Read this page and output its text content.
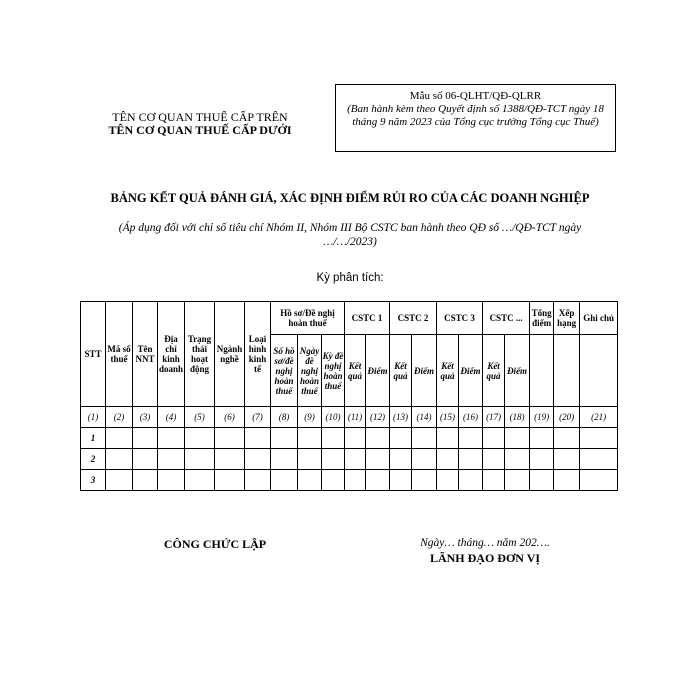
TÊN CƠ QUAN THUẾ CẤP TRÊN
TÊN CƠ QUAN THUẾ CẤP DƯỚI
Mẫu số 06-QLHT/QĐ-QLRR
(Ban hành kèm theo Quyết định số 1388/QĐ-TCT ngày 18 tháng 9 năm 2023 của Tổng cục trưởng Tổng cục Thuế)
BẢNG KẾT QUẢ ĐÁNH GIÁ, XÁC ĐỊNH ĐIỂM RỦI RO CỦA CÁC DOANH NGHIỆP
(Áp dụng đối với chỉ số tiêu chí Nhóm II, Nhóm III Bộ CSTC ban hành theo QĐ số …/QĐ-TCT ngày …/…/2023)
Kỳ phân tích:
STT	Mã số thuế	Tên NNT	Địa chỉ kinh doanh	Trạng thái hoạt động	Ngành nghề	Loại hình kinh tế	Hồ sơ/Đề nghị hoàn thuế			CSTC 1		CSTC 2		CSTC 3		CSTC ...		Tổng điểm	Xếp hạng	Ghi chú
							Số hồ sơ/đề nghị hoàn thuế	Ngày đề nghị hoàn thuế	Kỳ đề nghị hoàn thuế	Kết quả	Điểm	Kết quả	Điểm	Kết quả	Điểm	Kết quả	Điểm			
(1)	(2)	(3)	(4)	(5)	(6)	(7)	(8)	(9)	(10)	(11)	(12)	(13)	(14)	(15)	(16)	(17)	(18)	(19)	(20)	(21)
1																				
2																				
3																				
CÔNG CHỨC LẬP	Ngày… tháng… năm 202….
LÃNH ĐẠO ĐƠN VỊ
